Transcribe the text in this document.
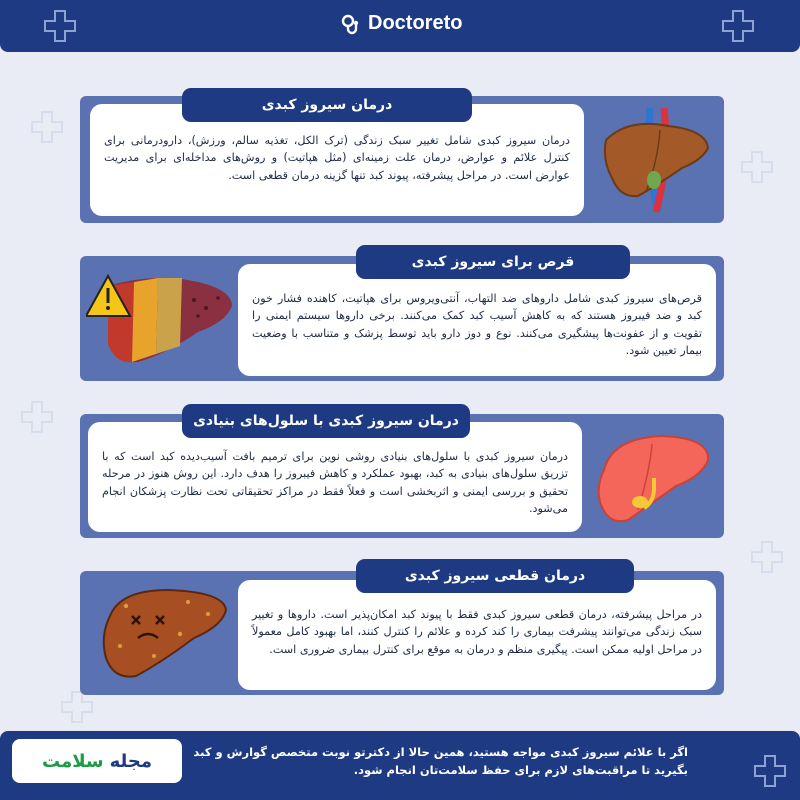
Doctoreto
درمان سیروز کبدی شامل تغییر سبک زندگی (ترک الکل، تغذیه سالم، ورزش)، دارودرمانی برای کنترل علائم و عوارض، درمان علت زمینه‌ای (مثل هپاتیت) و روش‌های مداخله‌ای برای مدیریت عوارض است. در مراحل پیشرفته، پیوند کبد تنها گزینه درمان قطعی است.
درمان سیروز کبدی
قرص‌های سیروز کبدی شامل داروهای ضد التهاب، آنتی‌ویروس برای هپاتیت، کاهنده فشار خون کبد و ضد فیبروز هستند که به کاهش آسیب کبد کمک می‌کنند. برخی داروها سیستم ایمنی را تقویت و از عفونت‌ها پیشگیری می‌کنند. نوع و دوز دارو باید توسط پزشک و متناسب با وضعیت بیمار تعیین شود.
قرص برای سیروز کبدی
درمان سیروز کبدی با سلول‌های بنیادی روشی نوین برای ترمیم بافت آسیب‌دیده کبد است که با تزریق سلول‌های بنیادی به کبد، بهبود عملکرد و کاهش فیبروز را هدف دارد. این روش هنوز در مرحله تحقیق و بررسی ایمنی و اثربخشی است و فعلاً فقط در مراکز تحقیقاتی تحت نظارت پزشکان انجام می‌شود.
درمان سیروز کبدی با سلول‌های بنیادی
در مراحل پیشرفته، درمان قطعی سیروز کبدی فقط با پیوند کبد امکان‌پذیر است. داروها و تغییر سبک زندگی می‌توانند پیشرفت بیماری را کند کرده و علائم را کنترل کنند، اما بهبود کامل معمولاً در مراحل اولیه ممکن است. پیگیری منظم و درمان به موقع برای کنترل بیماری ضروری است.
درمان قطعی سیروز کبدی
اگر با علائم سیروز کبدی مواجه هستید، همین حالا از دکترتو نوبت متخصص گوارش و کبد بگیرید تا مراقبت‌های لازم برای حفظ سلامت‌تان انجام شود.
مجله
سلامت
